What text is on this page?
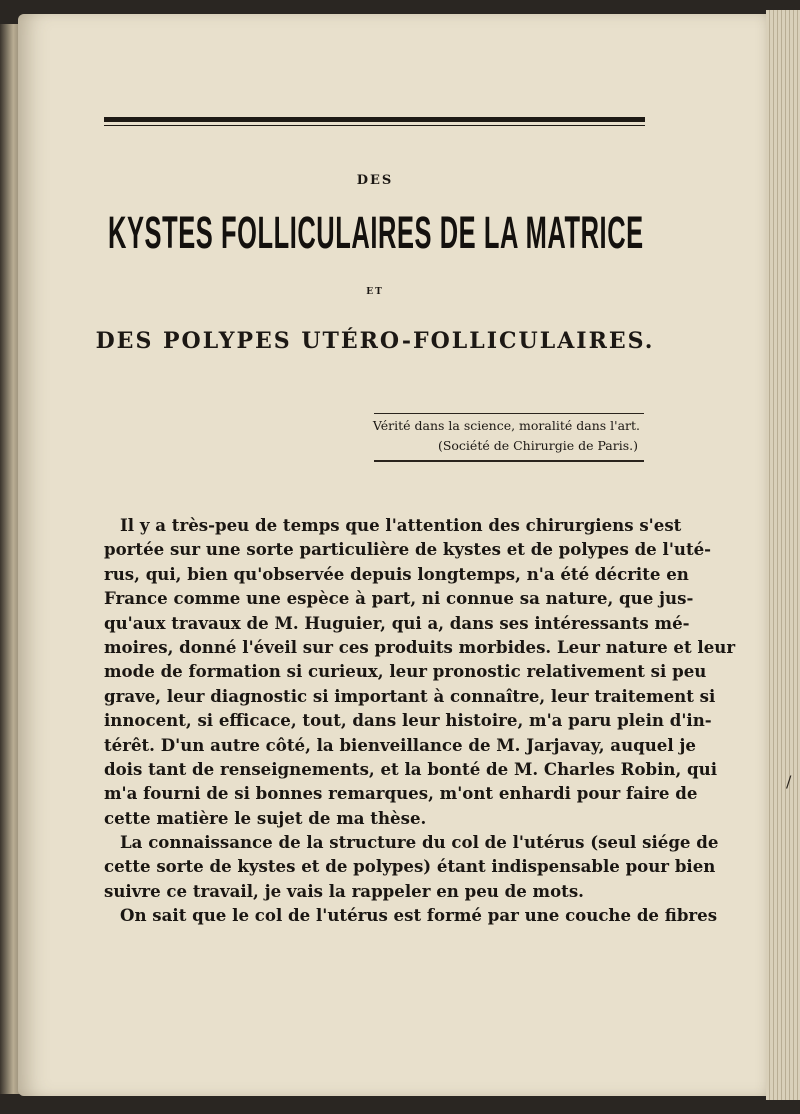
DES
KYSTES FOLLICULAIRES DE LA MATRICE
ET
DES POLYPES UTÉRO-FOLLICULAIRES.
Vérité dans la science, moralité dans l'art.
(Société de Chirurgie de Paris.)
Il y a très-peu de temps que l'attention des chirurgiens s'est
portée sur une sorte particulière de kystes et de polypes de l'uté-
rus, qui, bien qu'observée depuis longtemps, n'a été décrite en
France comme une espèce à part, ni connue sa nature, que jus-
qu'aux travaux de M. Huguier, qui a, dans ses intéressants mé-
moires, donné l'éveil sur ces produits morbides. Leur nature et leur
mode de formation si curieux, leur pronostic relativement si peu
grave, leur diagnostic si important à connaître, leur traitement si
innocent, si efficace, tout, dans leur histoire, m'a paru plein d'in-
térêt. D'un autre côté, la bienveillance de M. Jarjavay, auquel je
dois tant de renseignements, et la bonté de M. Charles Robin, qui
m'a fourni de si bonnes remarques, m'ont enhardi pour faire de
cette matière le sujet de ma thèse.
La connaissance de la structure du col de l'utérus (seul siége de
cette sorte de kystes et de polypes) étant indispensable pour bien
suivre ce travail, je vais la rappeler en peu de mots.
On sait que le col de l'utérus est formé par une couche de fibres
/
